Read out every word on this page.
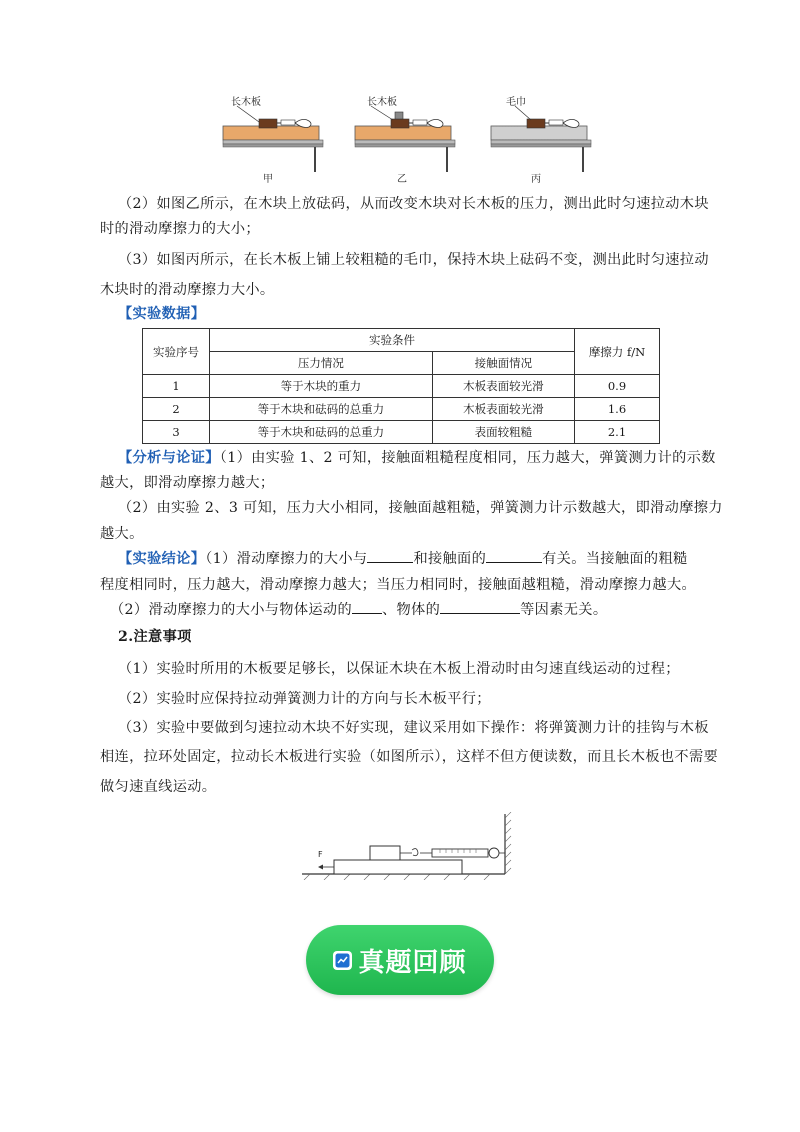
长木板	长木板	毛巾
甲	乙	丙
（2）如图乙所示，在木块上放砝码，从而改变木块对长木板的压力，测出此时匀速拉动木块
时的滑动摩擦力的大小；
（3）如图丙所示，在长木板上铺上较粗糙的毛巾，保持木块上砝码不变，测出此时匀速拉动
木块时的滑动摩擦力大小。
【实验数据】
实验序号	实验条件		摩擦力 f/N
	压力情况	接触面情况	
1	等于木块的重力	木板表面较光滑	0.9
2	等于木块和砝码的总重力	木板表面较光滑	1.6
3	等于木块和砝码的总重力	表面较粗糙	2.1
【分析与论证】（1）由实验 1、2 可知，接触面粗糙程度相同，压力越大，弹簧测力计的示数
越大，即滑动摩擦力越大；
（2）由实验 2、3 可知，压力大小相同，接触面越粗糙，弹簧测力计示数越大，即滑动摩擦力
越大。
【实验结论】（1）滑动摩擦力的大小与	和接触面的	有关。当接触面的粗糙
程度相同时，压力越大，滑动摩擦力越大；当压力相同时，接触面越粗糙，滑动摩擦力越大。
（2）滑动摩擦力的大小与物体运动的 、物体的	等因素无关。
2.注意事项
（1）实验时所用的木板要足够长，以保证木块在木板上滑动时由匀速直线运动的过程；
（2）实验时应保持拉动弹簧测力计的方向与长木板平行；
（3）实验中要做到匀速拉动木块不好实现，建议采用如下操作：将弹簧测力计的挂钩与木板
相连，拉环处固定，拉动长木板进行实验（如图所示），这样不但方便读数，而且长木板也不需要
做匀速直线运动。
F
真题回顾
